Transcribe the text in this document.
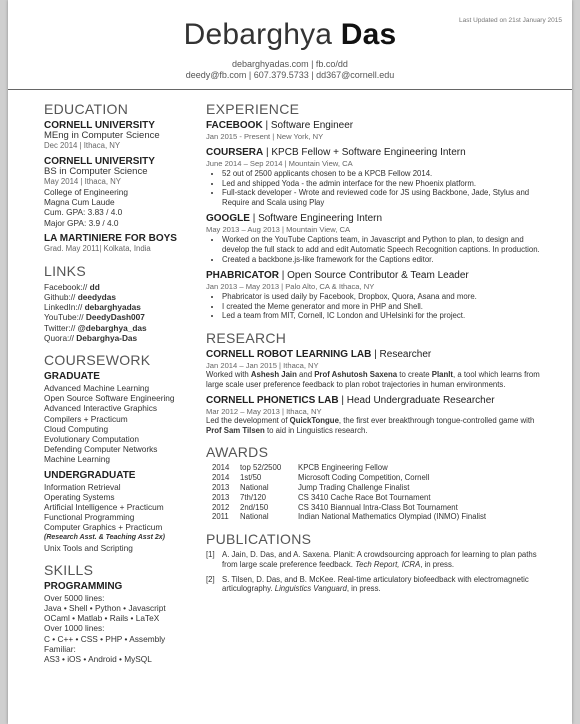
Last Updated on 21st January 2015
Debarghya Das
debarghyadas.com | fb.co/dd
deedy@fb.com | 607.379.5733 | dd367@cornell.edu
EDUCATION
CORNELL UNIVERSITY
MEng in Computer Science
Dec 2014 | Ithaca, NY
CORNELL UNIVERSITY
BS in Computer Science
May 2014 | Ithaca, NY
College of Engineering
Magna Cum Laude
Cum. GPA: 3.83 / 4.0
Major GPA: 3.9 / 4.0
LA MARTINIERE FOR BOYS
Grad. May 2011| Kolkata, India
LINKS
Facebook:// dd
Github:// deedydas
LinkedIn:// debarghyadas
YouTube:// DeedyDash007
Twitter:// @debarghya_das
Quora:// Debarghya-Das
COURSEWORK
GRADUATE
Advanced Machine Learning
Open Source Software Engineering
Advanced Interactive Graphics
Compilers + Practicum
Cloud Computing
Evolutionary Computation
Defending Computer Networks
Machine Learning
UNDERGRADUATE
Information Retrieval
Operating Systems
Artificial Intelligence + Practicum
Functional Programming
Computer Graphics + Practicum
(Research Asst. & Teaching Asst 2x)
Unix Tools and Scripting
SKILLS
PROGRAMMING
Over 5000 lines:
Java • Shell • Python • Javascript
OCaml • Matlab • Rails • LaTeX
Over 1000 lines:
C • C++ • CSS • PHP • Assembly
Familiar:
AS3 • iOS • Android • MySQL
EXPERIENCE
FACEBOOK | Software Engineer
Jan 2015 - Present | New York, NY
COURSERA | KPCB Fellow + Software Engineering Intern
June 2014 – Sep 2014 | Mountain View, CA
• 52 out of 2500 applicants chosen to be a KPCB Fellow 2014.
• Led and shipped Yoda - the admin interface for the new Phoenix platform.
• Full-stack developer - Wrote and reviewed code for JS using Backbone, Jade, Stylus and Require and Scala using Play
GOOGLE | Software Engineering Intern
May 2013 – Aug 2013 | Mountain View, CA
• Worked on the YouTube Captions team, in Javascript and Python to plan, to design and develop the full stack to add and edit Automatic Speech Recognition captions. In production.
• Created a backbone.js-like framework for the Captions editor.
PHABRICATOR | Open Source Contributor & Team Leader
Jan 2013 – May 2013 | Palo Alto, CA & Ithaca, NY
• Phabricator is used daily by Facebook, Dropbox, Quora, Asana and more.
• I created the Meme generator and more in PHP and Shell.
• Led a team from MIT, Cornell, IC London and UHelsinki for the project.
RESEARCH
CORNELL ROBOT LEARNING LAB | Researcher
Jan 2014 – Jan 2015 | Ithaca, NY
Worked with Ashesh Jain and Prof Ashutosh Saxena to create PlanIt, a tool which learns from large scale user preference feedback to plan robot trajectories in human environments.
CORNELL PHONETICS LAB | Head Undergraduate Researcher
Mar 2012 – May 2013 | Ithaca, NY
Led the development of QuickTongue, the first ever breakthrough tongue-controlled game with Prof Sam Tilsen to aid in Linguistics research.
AWARDS
2014	top 52/2500	KPCB Engineering Fellow
2014	1st/50	Microsoft Coding Competition, Cornell
2013	National	Jump Trading Challenge Finalist
2013	7th/120	CS 3410 Cache Race Bot Tournament
2012	2nd/150	CS 3410 Biannual Intra-Class Bot Tournament
2011	National	Indian National Mathematics Olympiad (INMO) Finalist
PUBLICATIONS
[1] A. Jain, D. Das, and A. Saxena. Planit: A crowdsourcing approach for learning to plan paths from large scale preference feedback. Tech Report, ICRA, in press.
[2] S. Tilsen, D. Das, and B. McKee. Real-time articulatory biofeedback with electromagnetic articulography. Linguistics Vanguard, in press.
